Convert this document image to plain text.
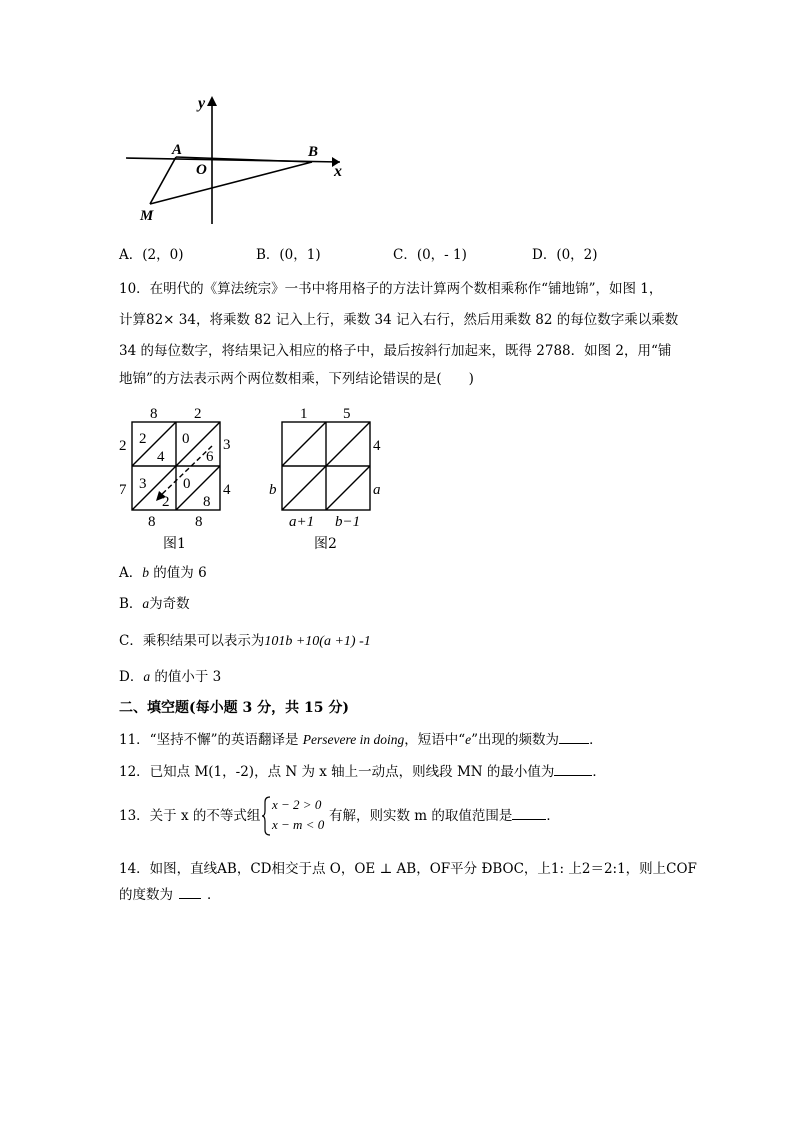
y
x
A
O
B
M
A．(2，0)	B．(0，1)	C．(0，- 1)	D．(0，2)
10．在明代的《算法统宗》一书中将用格子的方法计算两个数相乘称作“铺地锦”，如图 1，
计算82× 34，将乘数 82 记入上行，乘数 34 记入右行，然后用乘数 82 的每位数字乘以乘数
34 的每位数字，将结果记入相应的格子中，最后按斜行加起来，既得 2788．如图 2，用“铺
地锦”的方法表示两个两位数相乘，下列结论错误的是(　　)
8 2
3
4
2
7
8	8
2
4
0
6
3
2
0
8
图1
1 5
4
a
b
a+1 b−1
图2
A．b 的值为 6
B．a为奇数
C．乘积结果可以表示为101b +10(a +1) -1
D．a 的值小于 3
二、填空题(每小题 3 分，共 15 分)
11．“坚持不懈”的英语翻译是 Persevere in doing，短语中“e”出现的频数为 ．
12．已知点 M(1，-2)，点 N 为 x 轴上一动点，则线段 MN 的最小值为	．
13．关于 x 的不等式组
x − 2 > 0
x − m < 0
有解，则实数 m 的取值范围是	．
14．如图，直线AB，CD相交于点 O，OE ⊥ AB，OF平分 ÐBOC，上1: 上2＝2:1，则上COF
的度数为	．
